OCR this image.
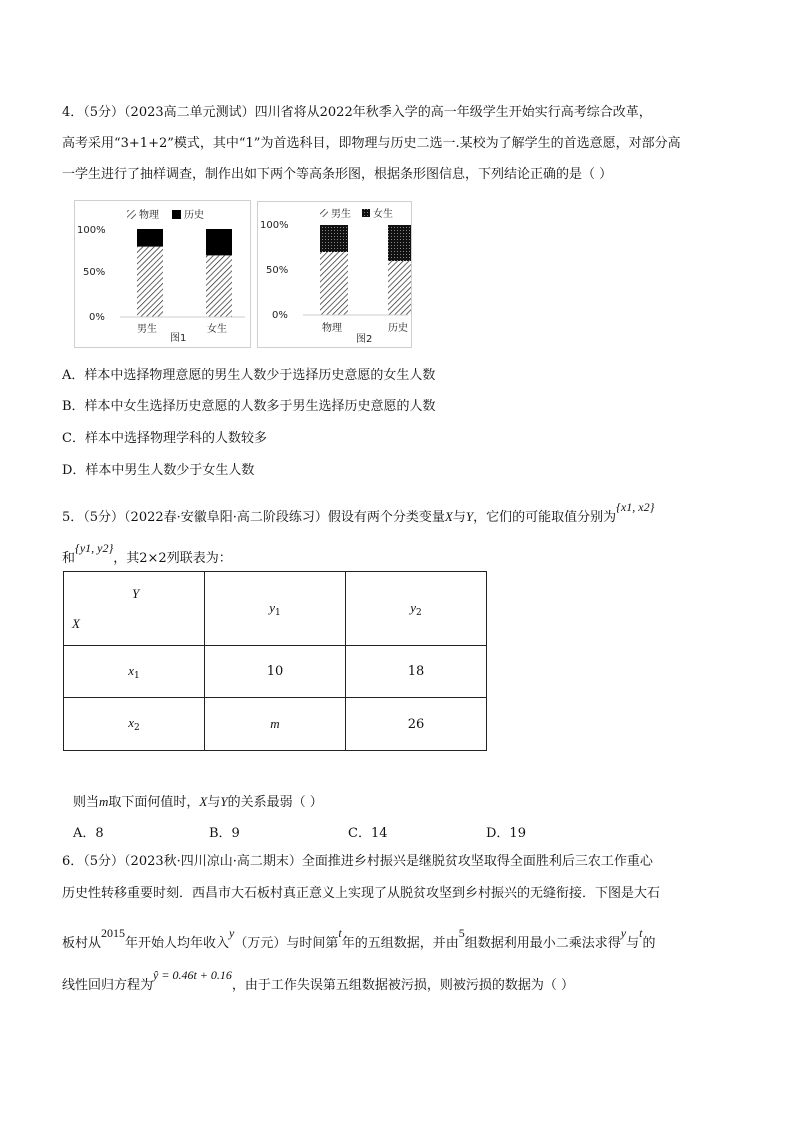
4．（5分）（2023高二单元测试）四川省将从2022年秋季入学的高一年级学生开始实行高考综合改革，
高考采用“3+1+2”模式，其中“1”为首选科目，即物理与历史二选一.某校为了解学生的首选意愿，对部分高
一学生进行了抽样调查，制作出如下两个等高条形图，根据条形图信息，下列结论正确的是（ ）
物理	历史
100%
50%
0%
男生	女生
图1
男生 女生
100%
50%
0%
物理	历史
图2
A．样本中选择物理意愿的男生人数少于选择历史意愿的女生人数
B．样本中女生选择历史意愿的人数多于男生选择历史意愿的人数
C．样本中选择物理学科的人数较多
D．样本中男生人数少于女生人数
5．（5分）（2022春·安徽阜阳·高二阶段练习）假设有两个分类变量X与Y，它们的可能取值分别为{x1, x2}
和{y1, y2}，其2×2列联表为：
Y
X	$y_1$	$y_2$
$x_1$	10	18
$x_2$	m	26
则当m取下面何值时，X与Y的关系最弱（ ）
A．8	B．9	C．14	D．19
6．（5分）（2023秋·四川凉山·高二期末）全面推进乡村振兴是继脱贫攻坚取得全面胜利后三农工作重心
历史性转移重要时刻．西昌市大石板村真正意义上实现了从脱贫攻坚到乡村振兴的无缝衔接．下图是大石
板村从2015年开始人均年收入y（万元）与时间第t年的五组数据，并由5组数据利用最小二乘法求得y与t的
线性回归方程为ŷ = 0.46t + 0.16，由于工作失误第五组数据被污损，则被污损的数据为（ ）
